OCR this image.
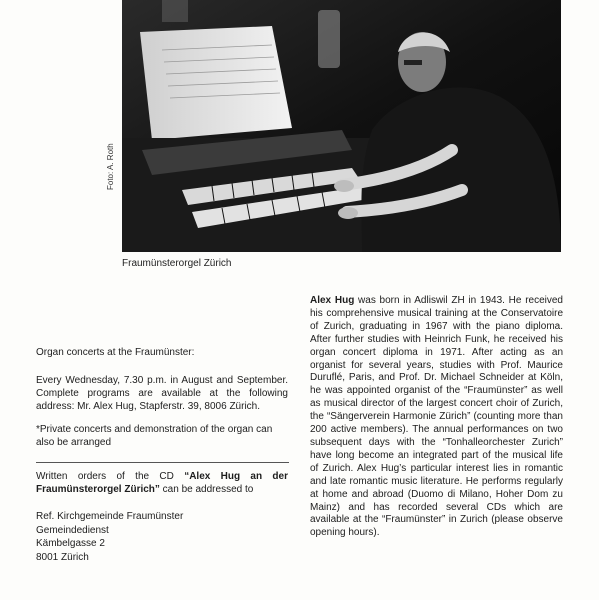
Foto: A. Roth
Fraumünsterorgel Zürich
Organ concerts at the Fraumünster:
Every Wednesday, 7.30 p.m. in August and September. Complete programs are available at the following address: Mr. Alex Hug, Stapferstr. 39, 8006 Zürich.
*Private concerts and demonstration of the organ can also be arranged
Written orders of the CD “Alex Hug an der Fraumünsterorgel Zürich” can be addressed to
Ref. Kirchgemeinde Fraumünster
Gemeindedienst
Kämbelgasse 2
8001 Zürich
Alex Hug was born in Adliswil ZH in 1943. He received his comprehensive musical training at the Conservatoire of Zurich, graduating in 1967 with the piano diploma. After further studies with Heinrich Funk, he received his organ concert diploma in 1971. After acting as an organist for several years, studies with Prof. Maurice Duruflé, Paris, and Prof. Dr. Michael Schneider at Köln, he was appointed organist of the “Fraumünster” as well as musical director of the largest concert choir of Zurich, the “Sängerverein Harmonie Zürich” (counting more than 200 active members). The annual performances on two subsequent days with the “Tonhalleorchester Zurich” have long become an integrated part of the musical life of Zurich. Alex Hug’s particular interest lies in romantic and late romantic music literature. He performs regularly at home and abroad (Duomo di Milano, Hoher Dom zu Mainz) and has recorded several CDs which are available at the “Fraumünster” in Zurich (please observe opening hours).
